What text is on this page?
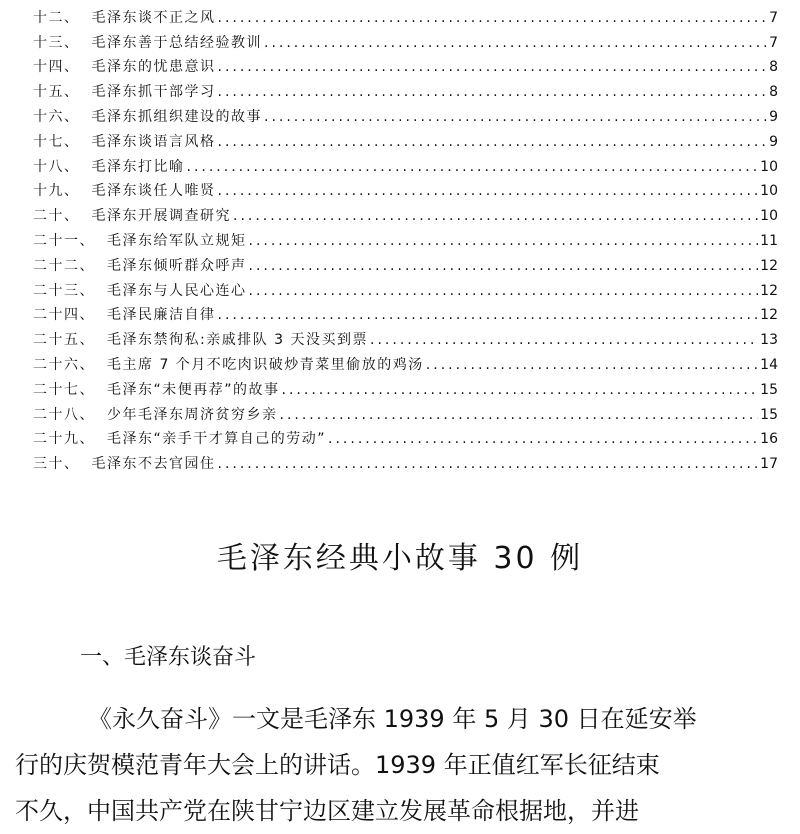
.....
十二、 毛泽东谈不正之风 .....	7
十三、 毛泽东善于总结经验教训 .....	7
十四、 毛泽东的忧患意识 .....	8
十五、 毛泽东抓干部学习 .....	8
十六、 毛泽东抓组织建设的故事 .....	9
十七、 毛泽东谈语言风格 .....	9
十八、 毛泽东打比喻 .....	10
十九、 毛泽东谈任人唯贤 .....	10
二十、 毛泽东开展调查研究 .....	10
二十一、 毛泽东给军队立规矩 .....	11
二十二、 毛泽东倾听群众呼声 .....	12
二十三、 毛泽东与人民心连心 .....	12
二十四、 毛泽民廉洁自律 .....	12
二十五、 毛泽东禁徇私:亲戚排队 3 天没买到票 .....	13
二十六、 毛主席 7 个月不吃肉识破炒青菜里偷放的鸡汤 .....	14
二十七、 毛泽东“未便再荐”的故事 .....	15
二十八、 少年毛泽东周济贫穷乡亲 .....	15
二十九、 毛泽东“亲手干才算自己的劳动” .....	16
三十、 毛泽东不去官园住 .....	17
毛泽东经典小故事 30 例
一、毛泽东谈奋斗

《永久奋斗》一文是毛泽东 1939 年 5 月 30 日在延安举

行的庆贺模范青年大会上的讲话。1939 年正值红军长征结束

不久，中国共产党在陕甘宁边区建立发展革命根据地，并进
